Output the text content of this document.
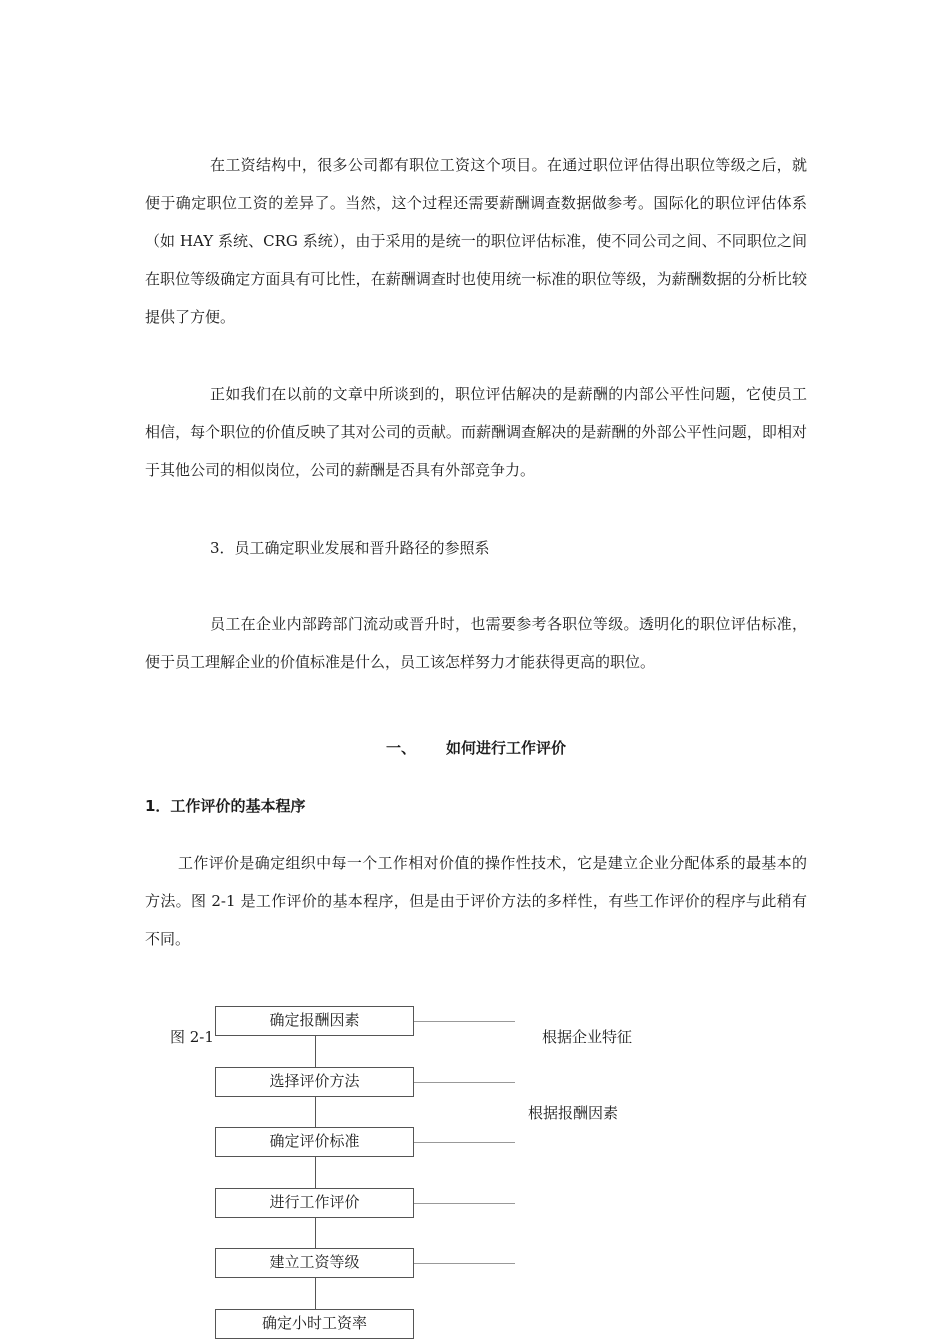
在工资结构中，很多公司都有职位工资这个项目。在通过职位评估得出职位等级之后，就便于确定职位工资的差异了。当然，这个过程还需要薪酬调查数据做参考。国际化的职位评估体系（如 HAY 系统、CRG 系统），由于采用的是统一的职位评估标准，使不同公司之间、不同职位之间在职位等级确定方面具有可比性，在薪酬调查时也使用统一标准的职位等级，为薪酬数据的分析比较提供了方便。

正如我们在以前的文章中所谈到的，职位评估解决的是薪酬的内部公平性问题，它使员工相信，每个职位的价值反映了其对公司的贡献。而薪酬调查解决的是薪酬的外部公平性问题，即相对于其他公司的相似岗位，公司的薪酬是否具有外部竞争力。

3．员工确定职业发展和晋升路径的参照系

员工在企业内部跨部门流动或晋升时，也需要参考各职位等级。透明化的职位评估标准，便于员工理解企业的价值标准是什么，员工该怎样努力才能获得更高的职位。

一、 如何进行工作评价
1．工作评价的基本程序

工作评价是确定组织中每一个工作相对价值的操作性技术，它是建立企业分配体系的最基本的方法。图 2-1 是工作评价的基本程序，但是由于评价方法的多样性，有些工作评价的程序与此稍有不同。

图 2-1
确定报酬因素
选择评价方法
确定评价标准
进行工作评价
建立工资等级
确定小时工资率
根据企业特征
根据报酬因素
